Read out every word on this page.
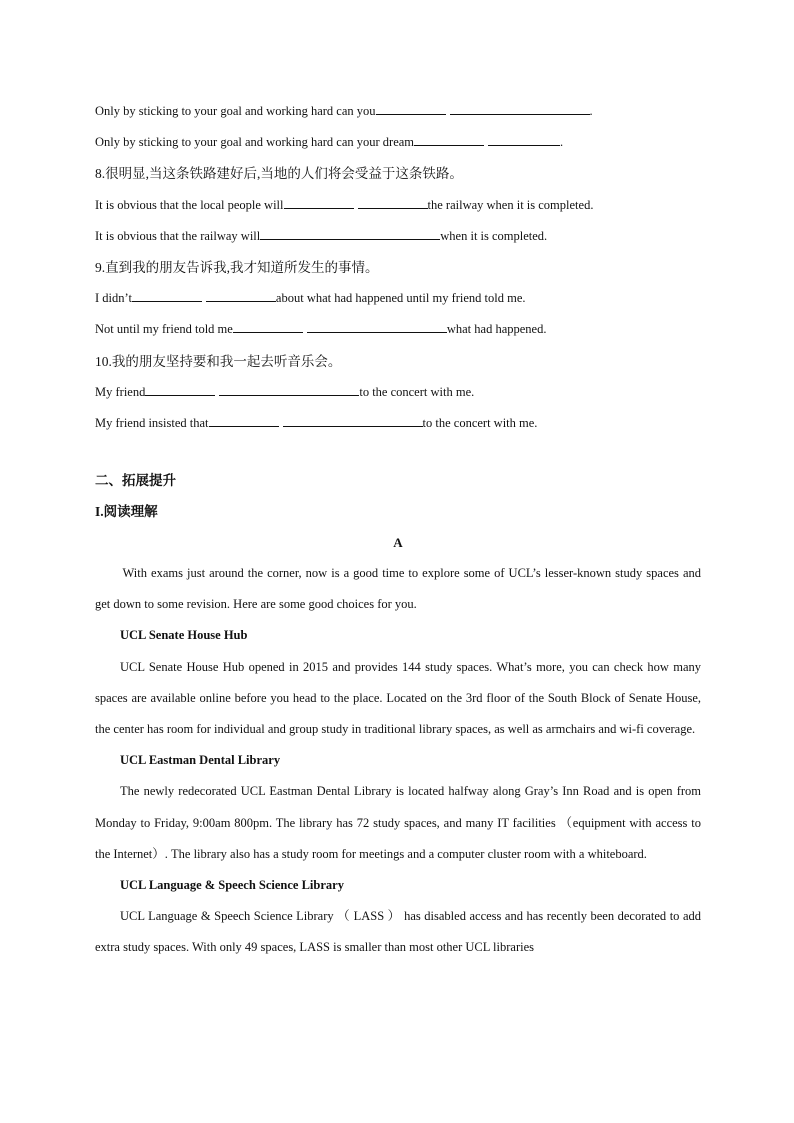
Only by sticking to your goal and working hard can you	.
Only by sticking to your goal and working hard can your dream	.
8.很明显,当这条铁路建好后,当地的人们将会受益于这条铁路。
It is obvious that the local people will	the railway when it is completed.
It is obvious that the railway will	when it is completed.
9.直到我的朋友告诉我,我才知道所发生的事情。
I didn’t	about what had happened until my friend told me.
Not until my friend told me	what had happened.
10.我的朋友坚持要和我一起去听音乐会。
My friend	to the concert with me.
My friend insisted that	to the concert with me.
二、拓展提升
I.阅读理解
A

With exams just around the corner, now is a good time to explore some of UCL’s lesser-known study spaces and get down to some revision. Here are some good choices for you.

UCL Senate House Hub

UCL Senate House Hub opened in 2015 and provides 144 study spaces. What’s more, you can check how many spaces are available online before you head to the place. Located on the 3rd floor of the South Block of Senate House, the center has room for individual and group study in traditional library spaces, as well as armchairs and wi-fi coverage.

UCL Eastman Dental Library

The newly redecorated UCL Eastman Dental Library is located halfway along Gray’s Inn Road and is open from Monday to Friday, 9:00am 800pm. The library has 72 study spaces, and many IT facilities （equipment with access to the Internet）. The library also has a study room for meetings and a computer cluster room with a whiteboard.

UCL Language & Speech Science Library

UCL Language & Speech Science Library （ LASS ） has disabled access and has recently been decorated to add extra study spaces. With only 49 spaces, LASS is smaller than most other UCL libraries
